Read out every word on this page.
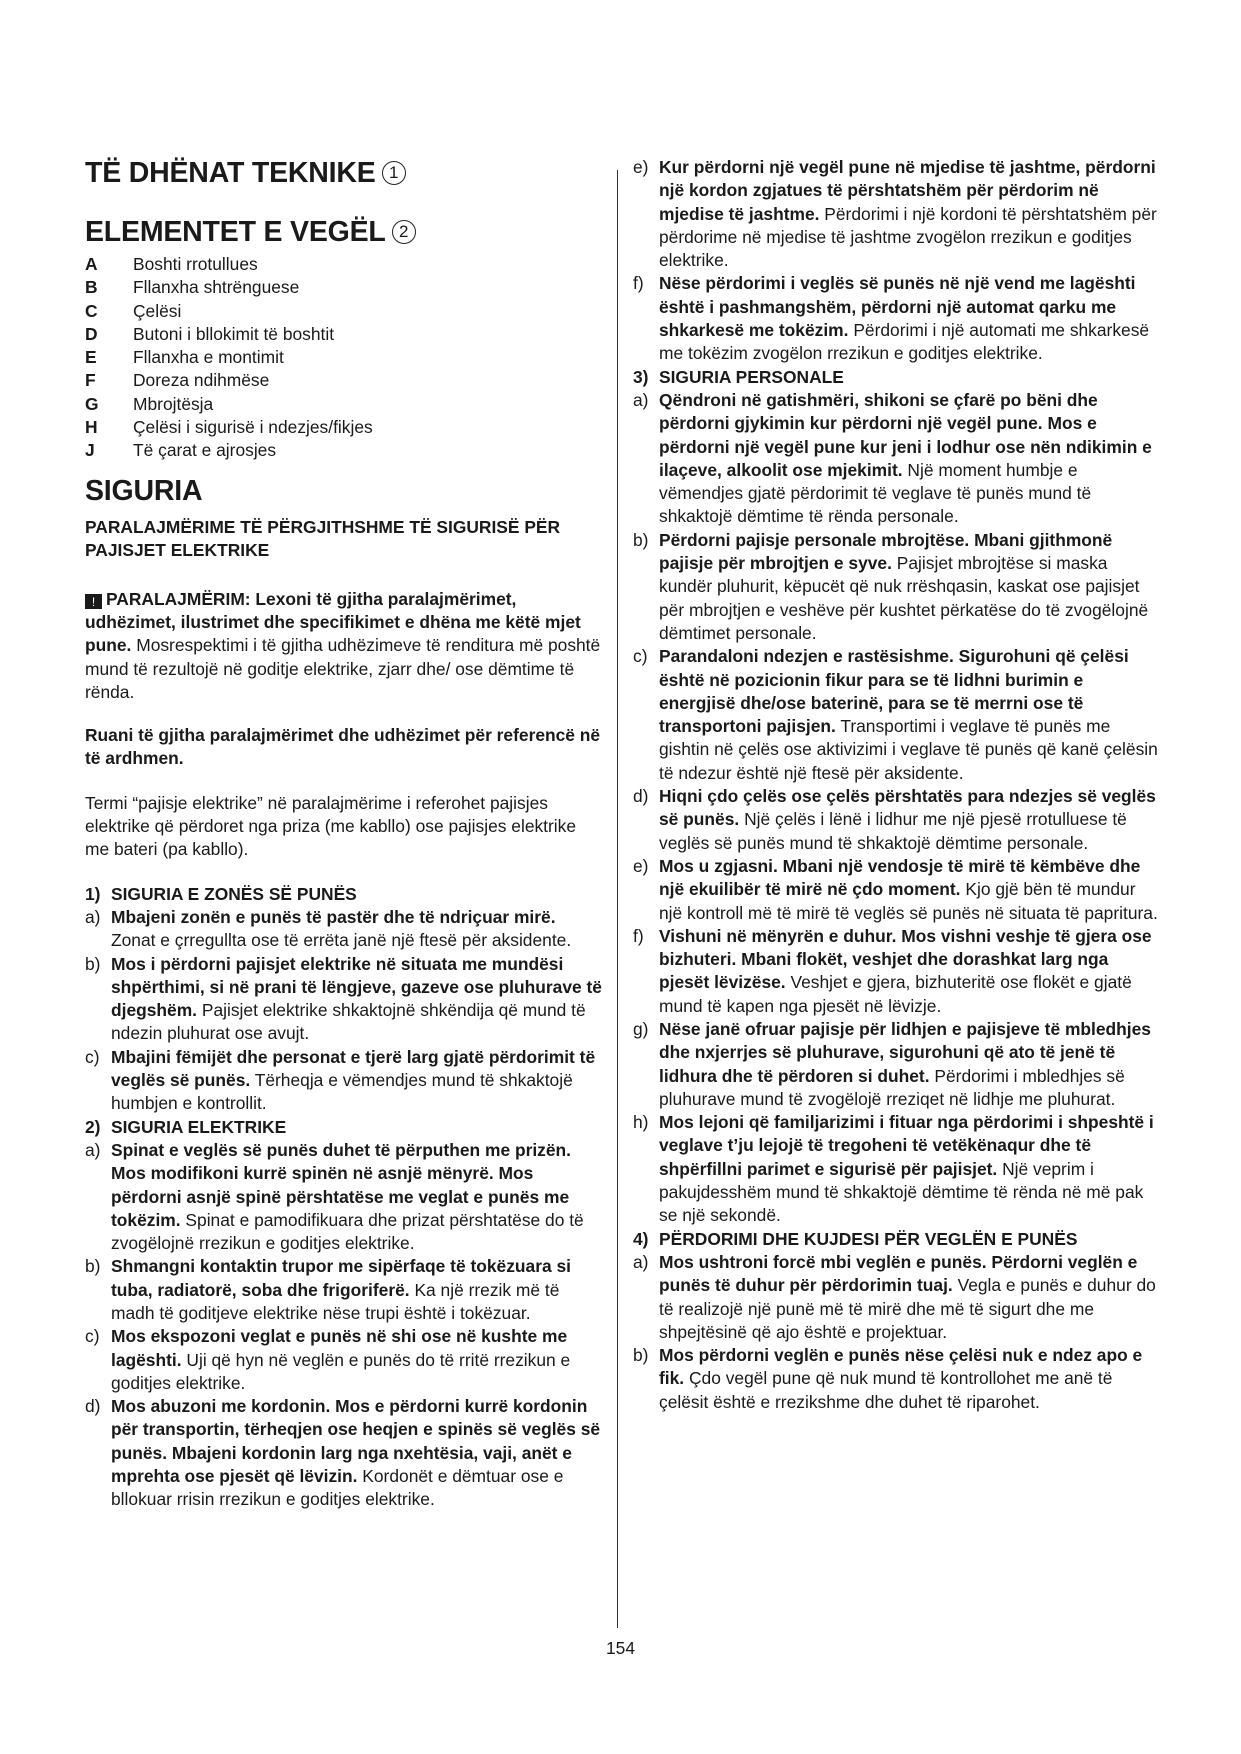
TË DHËNAT TEKNIKE 1
ELEMENTET E VEGËL 2
A	Boshti rrotullues
B	Fllanxha shtrënguese
C	Çelësi
D	Butoni i bllokimit të boshtit
E	Fllanxha e montimit
F	Doreza ndihmëse
G	Mbrojtësja
H	Çelësi i sigurisë i ndezjes/fikjes
J	Të çarat e ajrosjes
SIGURIA

PARALAJMËRIME TË PËRGJITHSHME TË SIGURISË PËR PAJISJET ELEKTRIKE

! PARALAJMËRIM: Lexoni të gjitha paralajmërimet, udhëzimet, ilustrimet dhe specifikimet e dhëna me këtë mjet pune. Mosrespektimi i të gjitha udhëzimeve të renditura më poshtë mund të rezultojë në goditje elektrike, zjarr dhe/ ose dëmtime të rënda.

Ruani të gjitha paralajmërimet dhe udhëzimet për referencë në të ardhmen.

Termi “pajisje elektrike” në paralajmërime i referohet pajisjes elektrike që përdoret nga priza (me kabllo) ose pajisjes elektrike me bateri (pa kabllo).

1) SIGURIA E ZONËS SË PUNËS
a) Mbajeni zonën e punës të pastër dhe të ndriçuar mirë. Zonat e çrregullta ose të errëta janë një ftesë për aksidente.
b) Mos i përdorni pajisjet elektrike në situata me mundësi shpërthimi, si në prani të lëngjeve, gazeve ose pluhurave të djegshëm. Pajisjet elektrike shkaktojnë shkëndija që mund të ndezin pluhurat ose avujt.
c) Mbajini fëmijët dhe personat e tjerë larg gjatë përdorimit të veglës së punës. Tërheqja e vëmendjes mund të shkaktojë humbjen e kontrollit.
2) SIGURIA ELEKTRIKE
a) Spinat e veglës së punës duhet të përputhen me prizën. Mos modifikoni kurrë spinën në asnjë mënyrë. Mos përdorni asnjë spinë përshtatëse me veglat e punës me tokëzim. Spinat e pamodifikuara dhe prizat përshtatëse do të zvogëlojnë rrezikun e goditjes elektrike.
b) Shmangni kontaktin trupor me sipërfaqe të tokëzuara si tuba, radiatorë, soba dhe frigoriferë. Ka një rrezik më të madh të goditjeve elektrike nëse trupi është i tokëzuar.
c) Mos ekspozoni veglat e punës në shi ose në kushte me lagështi. Uji që hyn në veglën e punës do të rritë rrezikun e goditjes elektrike.
d) Mos abuzoni me kordonin. Mos e përdorni kurrë kordonin për transportin, tërheqjen ose heqjen e spinës së veglës së punës. Mbajeni kordonin larg nga nxehtësia, vaji, anët e mprehta ose pjesët që lëvizin. Kordonët e dëmtuar ose e bllokuar rrisin rrezikun e goditjes elektrike.
e) Kur përdorni një vegël pune në mjedise të jashtme, përdorni një kordon zgjatues të përshtatshëm për përdorim në mjedise të jashtme. Përdorimi i një kordoni të përshtatshëm për përdorime në mjedise të jashtme zvogëlon rrezikun e goditjes elektrike.
f) Nëse përdorimi i veglës së punës në një vend me lagështi është i pashmangshëm, përdorni një automat qarku me shkarkesë me tokëzim. Përdorimi i një automati me shkarkesë me tokëzim zvogëlon rrezikun e goditjes elektrike.
3) SIGURIA PERSONALE
a) Qëndroni në gatishmëri, shikoni se çfarë po bëni dhe përdorni gjykimin kur përdorni një vegël pune. Mos e përdorni një vegël pune kur jeni i lodhur ose nën ndikimin e ilaçeve, alkoolit ose mjekimit. Një moment humbje e vëmendjes gjatë përdorimit të veglave të punës mund të shkaktojë dëmtime të rënda personale.
b) Përdorni pajisje personale mbrojtëse. Mbani gjithmonë pajisje për mbrojtjen e syve. Pajisjet mbrojtëse si maska kundër pluhurit, këpucët që nuk rrëshqasin, kaskat ose pajisjet për mbrojtjen e veshëve për kushtet përkatëse do të zvogëlojnë dëmtimet personale.
c) Parandaloni ndezjen e rastësishme. Sigurohuni që çelësi është në pozicionin fikur para se të lidhni burimin e energjisë dhe/ose baterinë, para se të merrni ose të transportoni pajisjen. Transportimi i veglave të punës me gishtin në çelës ose aktivizimi i veglave të punës që kanë çelësin të ndezur është një ftesë për aksidente.
d) Hiqni çdo çelës ose çelës përshtatës para ndezjes së veglës së punës. Një çelës i lënë i lidhur me një pjesë rrotulluese të veglës së punës mund të shkaktojë dëmtime personale.
e) Mos u zgjasni. Mbani një vendosje të mirë të këmbëve dhe një ekuilibër të mirë në çdo moment. Kjo gjë bën të mundur një kontroll më të mirë të veglës së punës në situata të papritura.
f) Vishuni në mënyrën e duhur. Mos vishni veshje të gjera ose bizhuteri. Mbani flokët, veshjet dhe dorashkat larg nga pjesët lëvizëse. Veshjet e gjera, bizhuteritë ose flokët e gjatë mund të kapen nga pjesët në lëvizje.
g) Nëse janë ofruar pajisje për lidhjen e pajisjeve të mbledhjes dhe nxjerrjes së pluhurave, sigurohuni që ato të jenë të lidhura dhe të përdoren si duhet. Përdorimi i mbledhjes së pluhurave mund të zvogëlojë rreziqet në lidhje me pluhurat.
h) Mos lejoni që familjarizimi i fituar nga përdorimi i shpeshtë i veglave t’ju lejojë të tregoheni të vetëkënaqur dhe të shpërfillni parimet e sigurisë për pajisjet. Një veprim i pakujdesshëm mund të shkaktojë dëmtime të rënda në më pak se një sekondë.
4) PËRDORIMI DHE KUJDESI PËR VEGLËN E PUNËS
a) Mos ushtroni forcë mbi veglën e punës. Përdorni veglën e punës të duhur për përdorimin tuaj. Vegla e punës e duhur do të realizojë një punë më të mirë dhe më të sigurt dhe me shpejtësinë që ajo është e projektuar.
b) Mos përdorni veglën e punës nëse çelësi nuk e ndez apo e fik. Çdo vegël pune që nuk mund të kontrollohet me anë të çelësit është e rrezikshme dhe duhet të riparohet.
154
